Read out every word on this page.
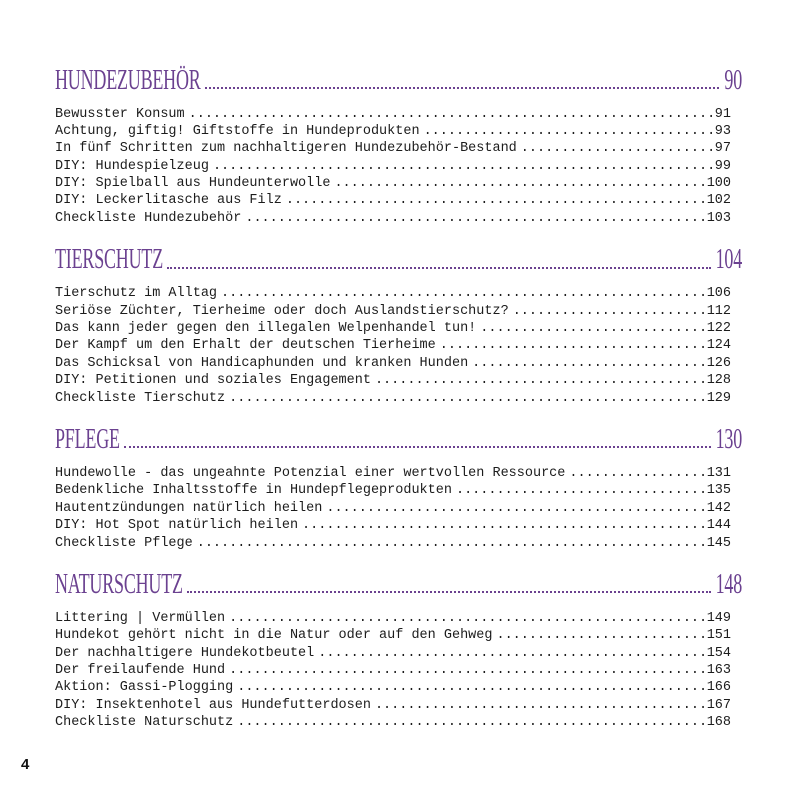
HUNDEZUBEHÖR	90
Bewusster Konsum .....	91
Achtung, giftig! Giftstoffe in Hundeprodukten .....	93
In fünf Schritten zum nachhaltigeren Hundezubehör-Bestand .....	97
DIY: Hundespielzeug .....	99
DIY: Spielball aus Hundeunterwolle .....	100
DIY: Leckerlitasche aus Filz .....	102
Checkliste Hundezubehör .....	103
TIERSCHUTZ	104
Tierschutz im Alltag .....	106
Seriöse Züchter, Tierheime oder doch Auslandstierschutz? .....	112
Das kann jeder gegen den illegalen Welpenhandel tun! .....	122
Der Kampf um den Erhalt der deutschen Tierheime .....	124
Das Schicksal von Handicaphunden und kranken Hunden .....	126
DIY: Petitionen und soziales Engagement .....	128
Checkliste Tierschutz .....	129
PFLEGE	130
Hundewolle - das ungeahnte Potenzial einer wertvollen Ressource .....	131
Bedenkliche Inhaltsstoffe in Hundepflegeprodukten .....	135
Hautentzündungen natürlich heilen .....	142
DIY: Hot Spot natürlich heilen .....	144
Checkliste Pflege .....	145
NATURSCHUTZ	148
Littering | Vermüllen .....	149
Hundekot gehört nicht in die Natur oder auf den Gehweg .....	151
Der nachhaltigere Hundekotbeutel .....	154
Der freilaufende Hund .....	163
Aktion: Gassi-Plogging .....	166
DIY: Insektenhotel aus Hundefutterdosen .....	167
Checkliste Naturschutz .....	168
4
